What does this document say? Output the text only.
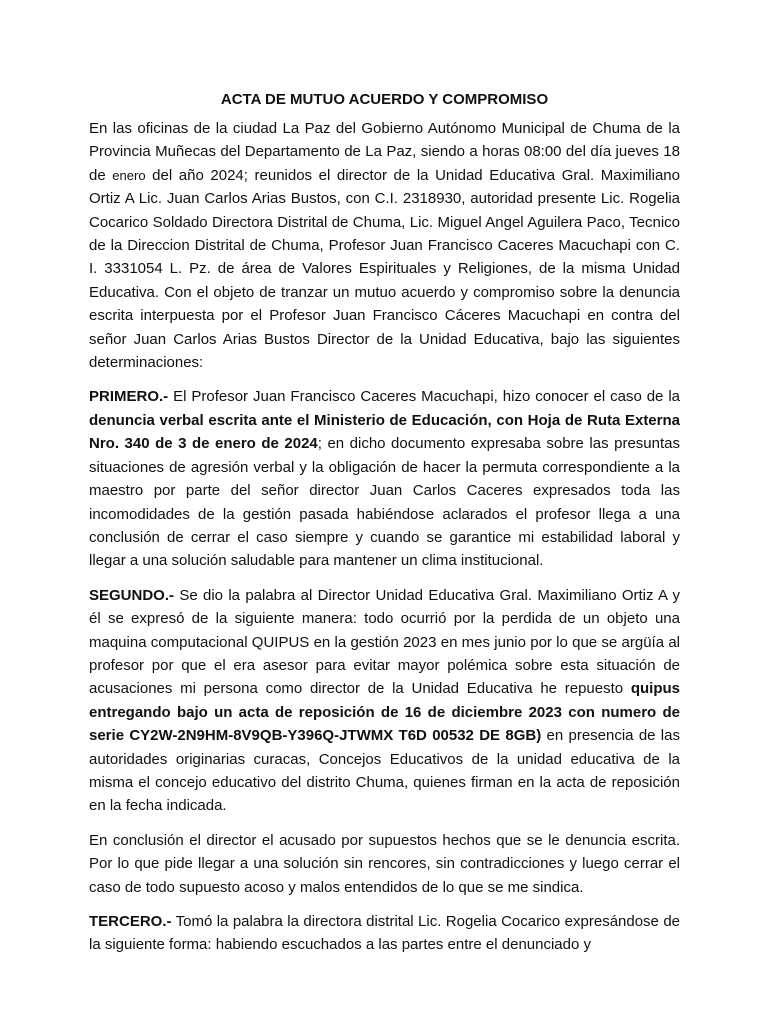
ACTA DE MUTUO ACUERDO Y COMPROMISO

En las oficinas de la ciudad La Paz del Gobierno Autónomo Municipal de Chuma de la Provincia Muñecas del Departamento de La Paz, siendo a horas 08:00 del día jueves 18 de enero del año 2024; reunidos el director de la Unidad Educativa Gral. Maximiliano Ortiz A Lic. Juan Carlos Arias Bustos, con C.I. 2318930, autoridad presente Lic. Rogelia Cocarico Soldado Directora Distrital de Chuma, Lic. Miguel Angel Aguilera Paco, Tecnico de la Direccion Distrital de Chuma, Profesor Juan Francisco Caceres Macuchapi con C. I. 3331054 L. Pz. de área de Valores Espirituales y Religiones, de la misma Unidad Educativa. Con el objeto de tranzar un mutuo acuerdo y compromiso sobre la denuncia escrita interpuesta por el Profesor Juan Francisco Cáceres Macuchapi en contra del señor Juan Carlos Arias Bustos Director de la Unidad Educativa, bajo las siguientes determinaciones:

PRIMERO.- El Profesor Juan Francisco Caceres Macuchapi, hizo conocer el caso de la denuncia verbal escrita ante el Ministerio de Educación, con Hoja de Ruta Externa Nro. 340 de 3 de enero de 2024; en dicho documento expresaba sobre las presuntas situaciones de agresión verbal y la obligación de hacer la permuta correspondiente a la maestro por parte del señor director Juan Carlos Caceres expresados toda las incomodidades de la gestión pasada habiéndose aclarados el profesor llega a una conclusión de cerrar el caso siempre y cuando se garantice mi estabilidad laboral y llegar a una solución saludable para mantener un clima institucional.

SEGUNDO.- Se dio la palabra al Director Unidad Educativa Gral. Maximiliano Ortiz A y él se expresó de la siguiente manera: todo ocurrió por la perdida de un objeto una maquina computacional QUIPUS en la gestión 2023 en mes junio por lo que se argüía al profesor por que el era asesor para evitar mayor polémica sobre esta situación de acusaciones mi persona como director de la Unidad Educativa he repuesto quipus entregando bajo un acta de reposición de 16 de diciembre 2023 con numero de serie CY2W-2N9HM-8V9QB-Y396Q-JTWMX T6D 00532 DE 8GB) en presencia de las autoridades originarias curacas, Concejos Educativos de la unidad educativa de la misma el concejo educativo del distrito Chuma, quienes firman en la acta de reposición en la fecha indicada.

En conclusión el director el acusado por supuestos hechos que se le denuncia escrita. Por lo que pide llegar a una solución sin rencores, sin contradicciones y luego cerrar el caso de todo supuesto acoso y malos entendidos de lo que se me sindica.

TERCERO.- Tomó la palabra la directora distrital Lic. Rogelia Cocarico expresándose de la siguiente forma: habiendo escuchados a las partes entre el denunciado y
